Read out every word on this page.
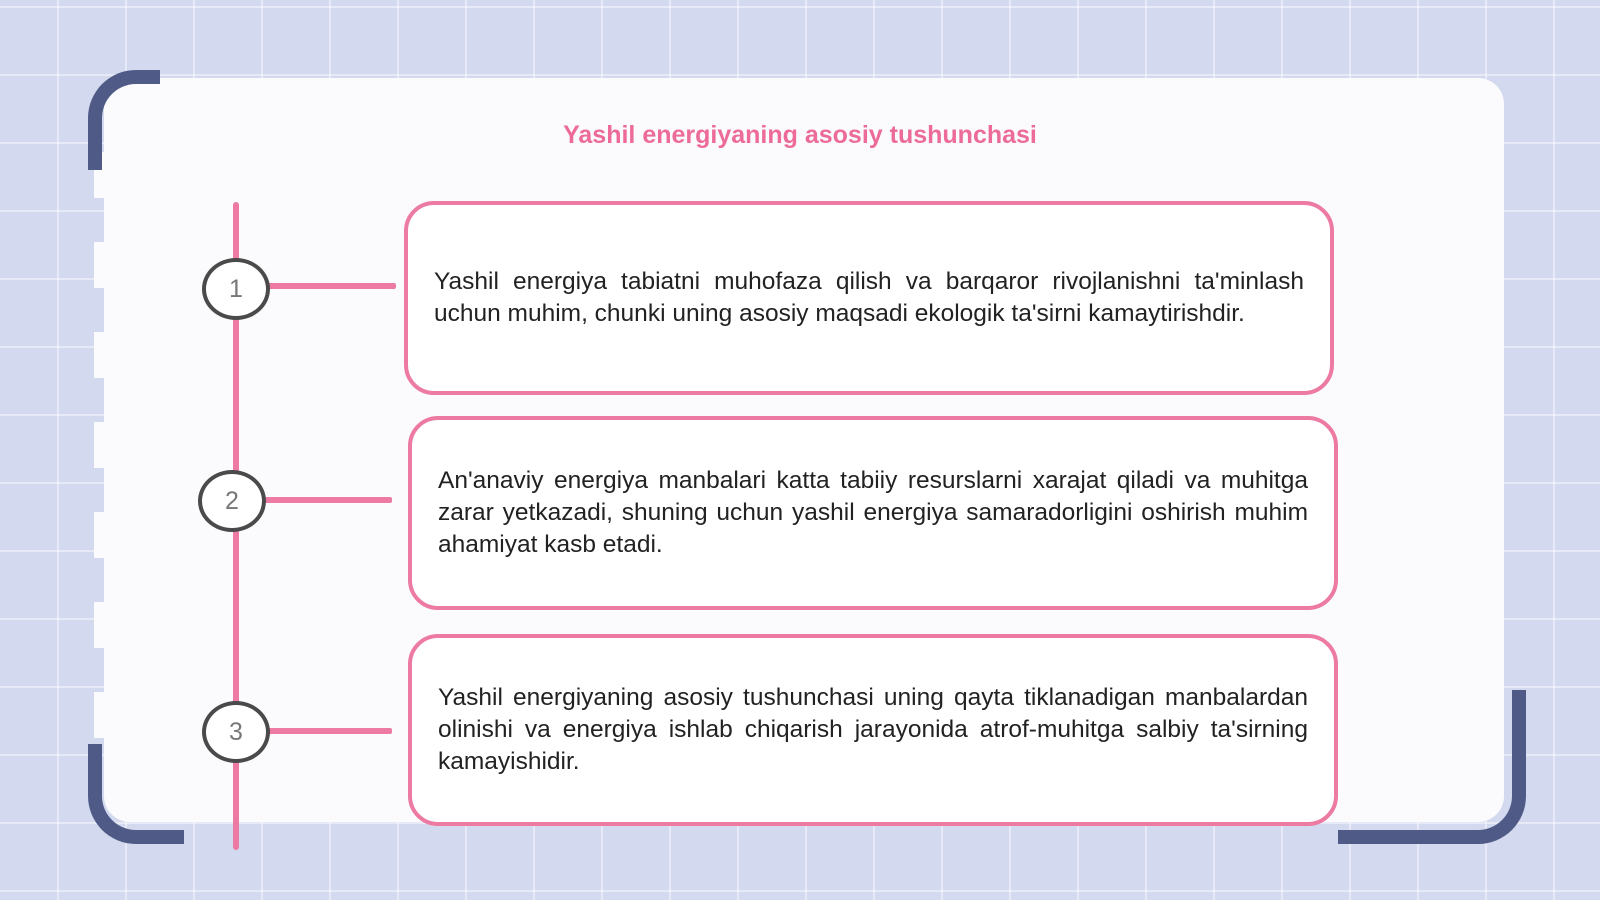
Yashil energiyaning asosiy tushunchasi
1	Yashil energiya tabiatni muhofaza qilish va barqaror rivojlanishni ta'minlash uchun muhim, chunki uning asosiy maqsadi ekologik ta'sirni kamaytirishdir.

2

An'anaviy energiya manbalari katta tabiiy resurslarni xarajat qiladi va muhitga zarar yetkazadi, shuning uchun yashil energiya samaradorligini oshirish muhim ahamiyat kasb etadi.

3

Yashil energiyaning asosiy tushunchasi uning qayta tiklanadigan manbalardan olinishi va energiya ishlab chiqarish jarayonida atrof-muhitga salbiy ta'sirning kamayishidir.
